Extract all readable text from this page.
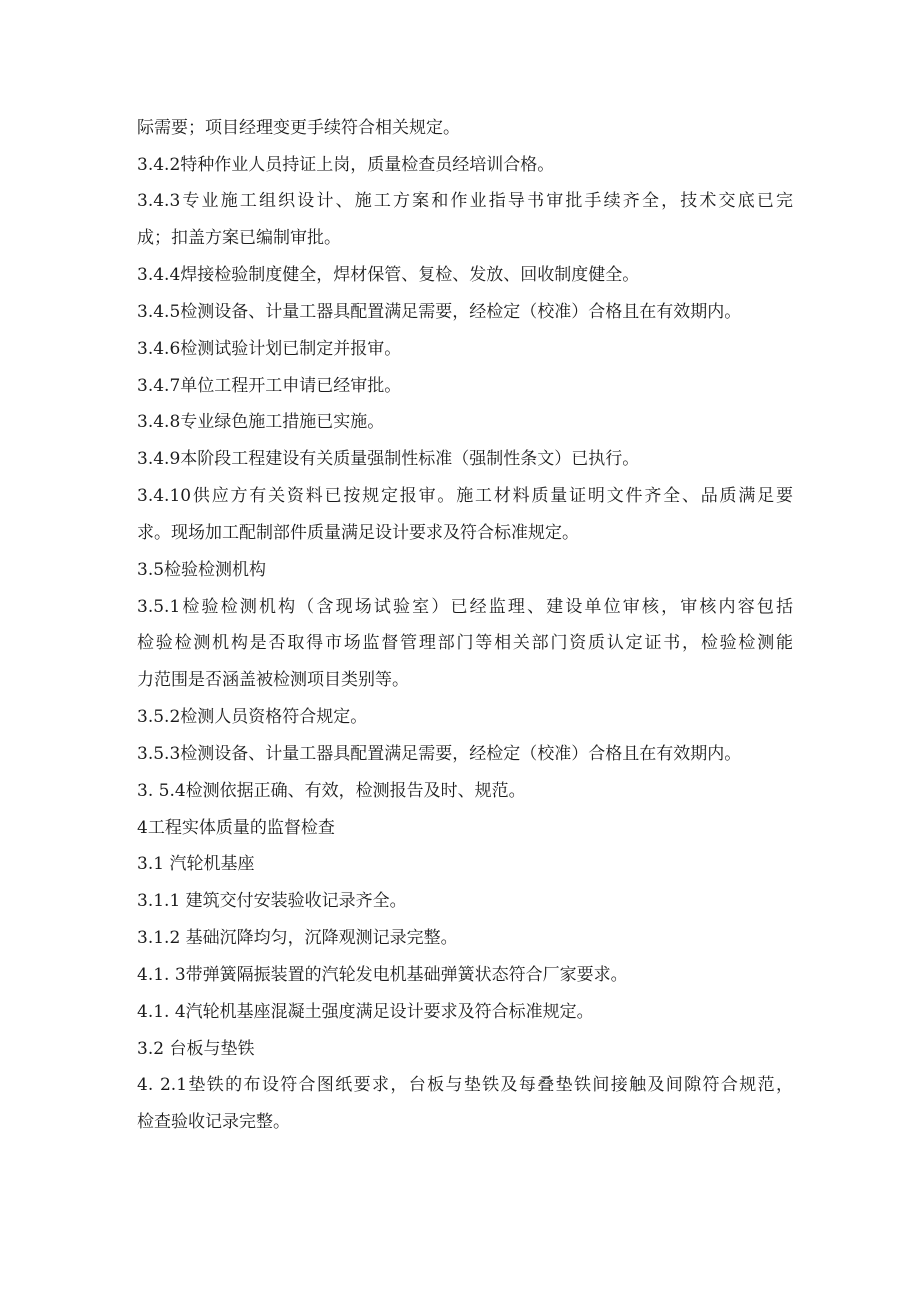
际需要；项目经理变更手续符合相关规定。
3.4.2特种作业人员持证上岗，质量检查员经培训合格。
3.4.3专业施工组织设计、施工方案和作业指导书审批手续齐全，技术交底已完
成；扣盖方案已编制审批。
3.4.4焊接检验制度健全，焊材保管、复检、发放、回收制度健全。
3.4.5检测设备、计量工器具配置满足需要，经检定（校准）合格且在有效期内。
3.4.6检测试验计划已制定并报审。
3.4.7单位工程开工申请已经审批。
3.4.8专业绿色施工措施已实施。
3.4.9本阶段工程建设有关质量强制性标准（强制性条文）已执行。
3.4.10供应方有关资料已按规定报审。施工材料质量证明文件齐全、品质满足要
求。现场加工配制部件质量满足设计要求及符合标准规定。
3.5检验检测机构
3.5.1检验检测机构（含现场试验室）已经监理、建设单位审核，审核内容包括
检验检测机构是否取得市场监督管理部门等相关部门资质认定证书，检验检测能
力范围是否涵盖被检测项目类别等。
3.5.2检测人员资格符合规定。
3.5.3检测设备、计量工器具配置满足需要，经检定（校准）合格且在有效期内。
3. 5.4检测依据正确、有效，检测报告及时、规范。
4工程实体质量的监督检查
3.1 汽轮机基座
3.1.1 建筑交付安装验收记录齐全。
3.1.2 基础沉降均匀，沉降观测记录完整。
4.1. 3带弹簧隔振装置的汽轮发电机基础弹簧状态符合厂家要求。
4.1. 4汽轮机基座混凝土强度满足设计要求及符合标准规定。
3.2 台板与垫铁
4. 2.1垫铁的布设符合图纸要求，台板与垫铁及每叠垫铁间接触及间隙符合规范，
检查验收记录完整。
